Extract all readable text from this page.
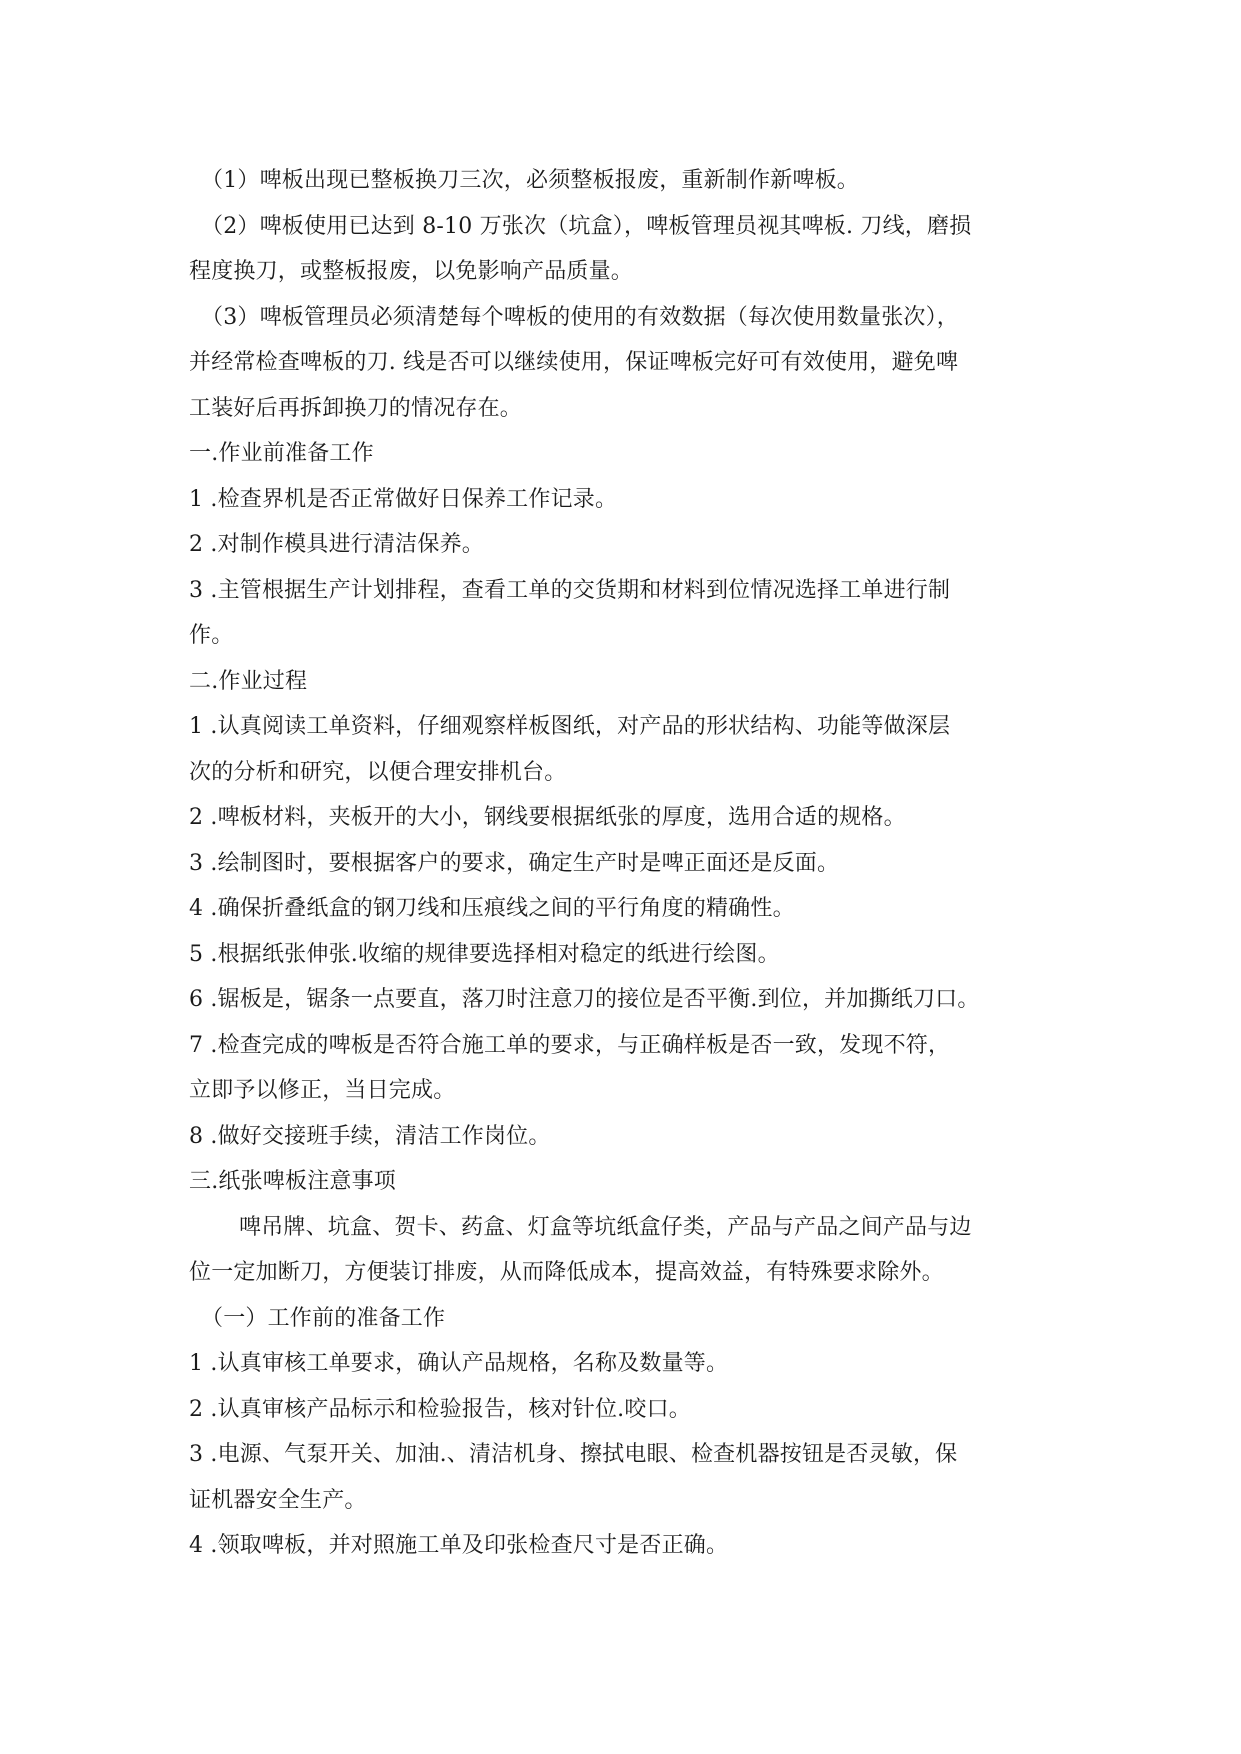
（1）啤板出现已整板换刀三次，必须整板报废，重新制作新啤板。
（2）啤板使用已达到 8-10 万张次（坑盒），啤板管理员视其啤板. 刀线，磨损
程度换刀，或整板报废，以免影响产品质量。
（3）啤板管理员必须清楚每个啤板的使用的有效数据（每次使用数量张次），
并经常检查啤板的刀. 线是否可以继续使用，保证啤板完好可有效使用，避免啤
工装好后再拆卸换刀的情况存在。
一.作业前准备工作
1 .检查界机是否正常做好日保养工作记录。
2 .对制作模具进行清洁保养。
3 .主管根据生产计划排程，查看工单的交货期和材料到位情况选择工单进行制
作。
二.作业过程
1 .认真阅读工单资料，仔细观察样板图纸，对产品的形状结构、功能等做深层
次的分析和研究，以便合理安排机台。
2 .啤板材料，夹板开的大小，钢线要根据纸张的厚度，选用合适的规格。
3 .绘制图时，要根据客户的要求，确定生产时是啤正面还是反面。
4 .确保折叠纸盒的钢刀线和压痕线之间的平行角度的精确性。
5 .根据纸张伸张.收缩的规律要选择相对稳定的纸进行绘图。
6 .锯板是，锯条一点要直，落刀时注意刀的接位是否平衡.到位，并加撕纸刀口。
7 .检查完成的啤板是否符合施工单的要求，与正确样板是否一致，发现不符，
立即予以修正，当日完成。
8 .做好交接班手续，清洁工作岗位。
三.纸张啤板注意事项
啤吊牌、坑盒、贺卡、药盒、灯盒等坑纸盒仔类，产品与产品之间产品与边
位一定加断刀，方便装订排废，从而降低成本，提高效益，有特殊要求除外。
（一）工作前的准备工作
1 .认真审核工单要求，确认产品规格，名称及数量等。
2 .认真审核产品标示和检验报告，核对针位.咬口。
3 .电源、气泵开关、加油.、清洁机身、擦拭电眼、检查机器按钮是否灵敏，保
证机器安全生产。
4 .领取啤板，并对照施工单及印张检查尺寸是否正确。
